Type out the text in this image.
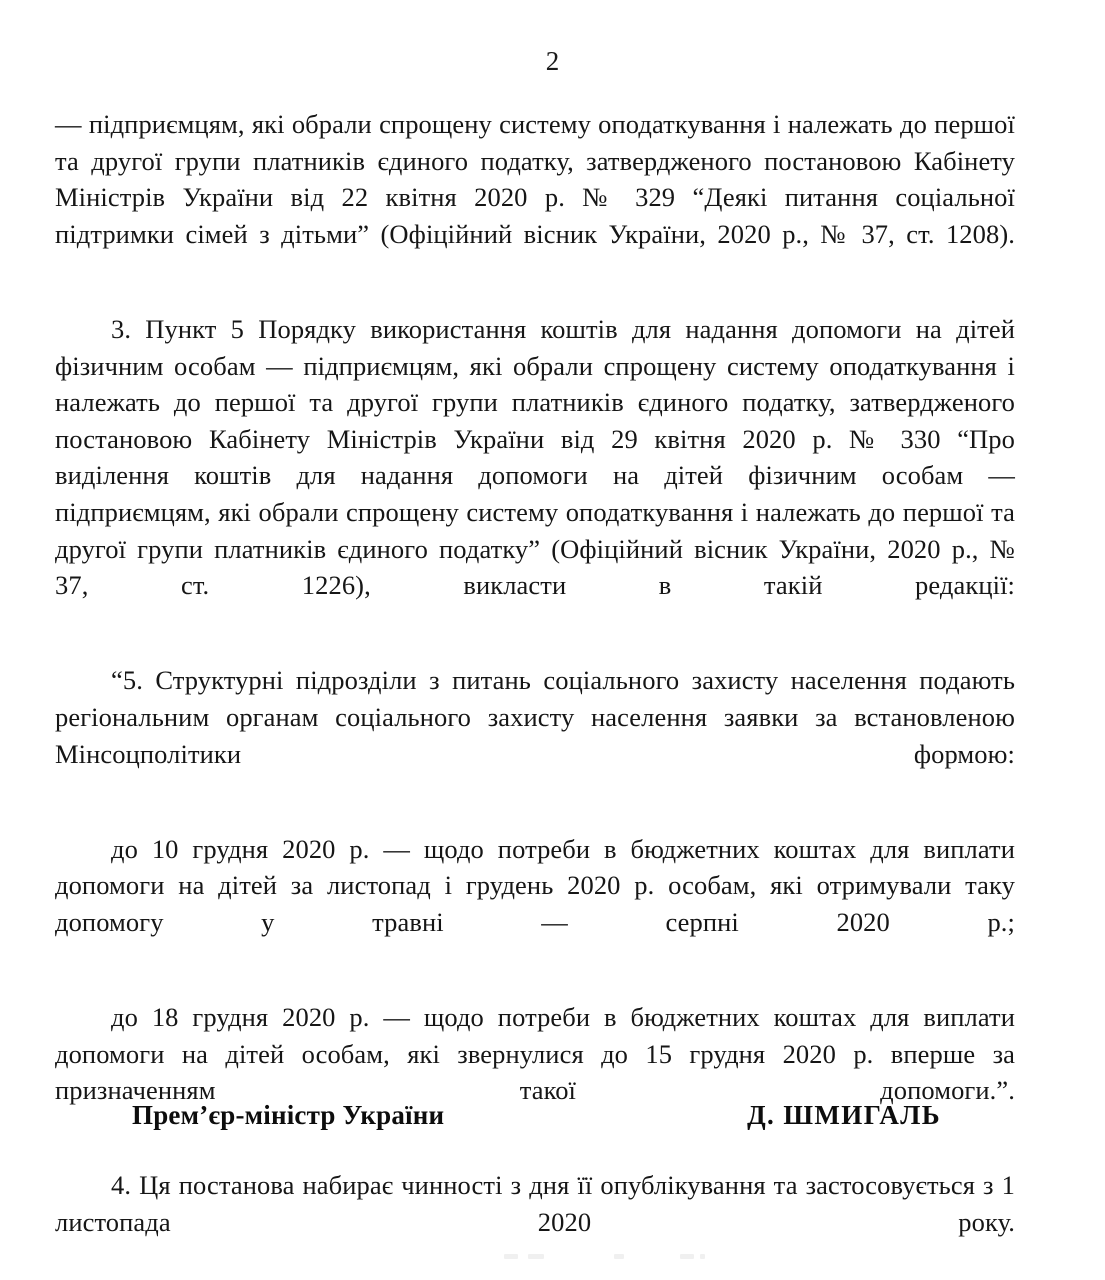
2

— підприємцям, які обрали спрощену систему оподаткування і належать до першої та другої групи платників єдиного податку, затвердженого постановою Кабінету Міністрів України від 22 квітня 2020 р. № 329 “Деякі питання соціальної підтримки сімей з дітьми” (Офіційний вісник України, 2020 р., № 37, ст. 1208).

3. Пункт 5 Порядку використання коштів для надання допомоги на дітей фізичним особам — підприємцям, які обрали спрощену систему оподаткування і належать до першої та другої групи платників єдиного податку, затвердженого постановою Кабінету Міністрів України від 29 квітня 2020 р. № 330 “Про виділення коштів для надання допомоги на дітей фізичним особам — підприємцям, які обрали спрощену систему оподаткування і належать до першої та другої групи платників єдиного податку” (Офіційний вісник України, 2020 р., № 37, ст. 1226), викласти в такій редакції:

“5. Структурні підрозділи з питань соціального захисту населення подають регіональним органам соціального захисту населення заявки за встановленою Мінсоцполітики формою:

до 10 грудня 2020 р. — щодо потреби в бюджетних коштах для виплати допомоги на дітей за листопад і грудень 2020 р. особам, які отримували таку допомогу у травні — серпні 2020 р.;

до 18 грудня 2020 р. — щодо потреби в бюджетних коштах для виплати допомоги на дітей особам, які звернулися до 15 грудня 2020 р. вперше за призначенням такої допомоги.”.

4. Ця постанова набирає чинності з дня її опублікування та застосовується з 1 листопада 2020 року.

Прем’єр-міністр України	Д. ШМИГАЛЬ
